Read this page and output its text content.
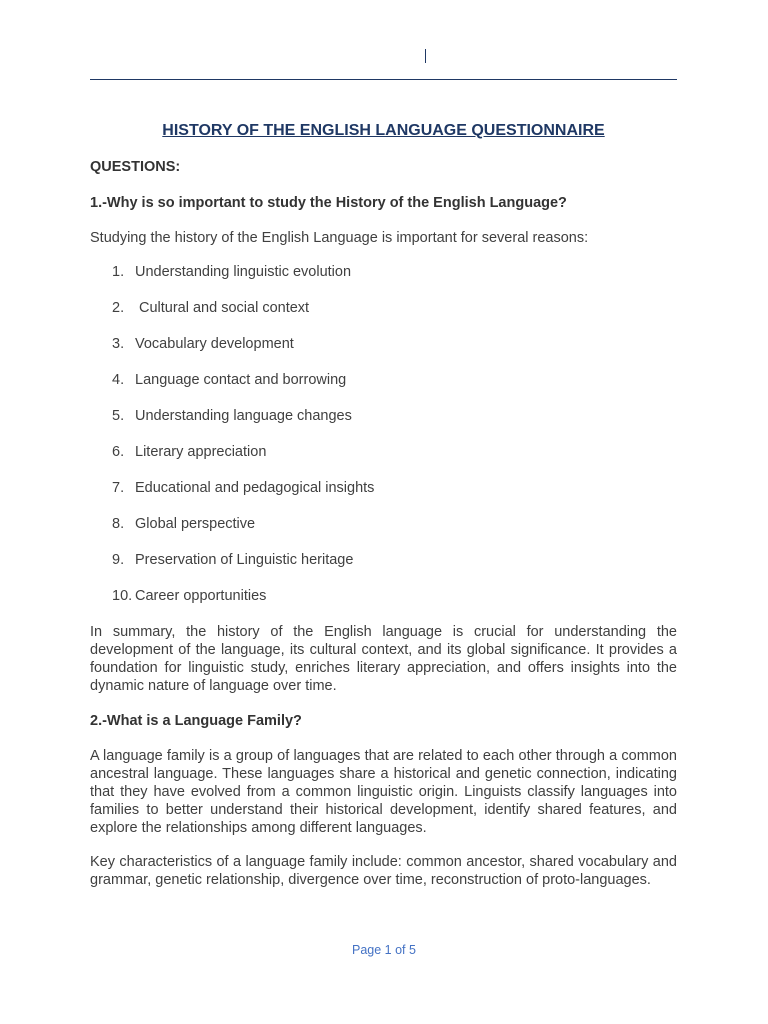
HISTORY OF THE ENGLISH LANGUAGE QUESTIONNAIRE
QUESTIONS:
1.-Why is so important to study the History of the English Language?
Studying the history of the English Language is important for several reasons:
1. Understanding linguistic evolution
2. Cultural and social context
3. Vocabulary development
4. Language contact and borrowing
5. Understanding language changes
6. Literary appreciation
7. Educational and pedagogical insights
8. Global perspective
9. Preservation of Linguistic heritage
10. Career opportunities
In summary, the history of the English language is crucial for understanding the development of the language, its cultural context, and its global significance. It provides a foundation for linguistic study, enriches literary appreciation, and offers insights into the dynamic nature of language over time.
2.-What is a Language Family?
A language family is a group of languages that are related to each other through a common ancestral language. These languages share a historical and genetic connection, indicating that they have evolved from a common linguistic origin. Linguists classify languages into families to better understand their historical development, identify shared features, and explore the relationships among different languages.
Key characteristics of a language family include: common ancestor, shared vocabulary and grammar, genetic relationship, divergence over time, reconstruction of proto-languages.
Page 1 of 5
